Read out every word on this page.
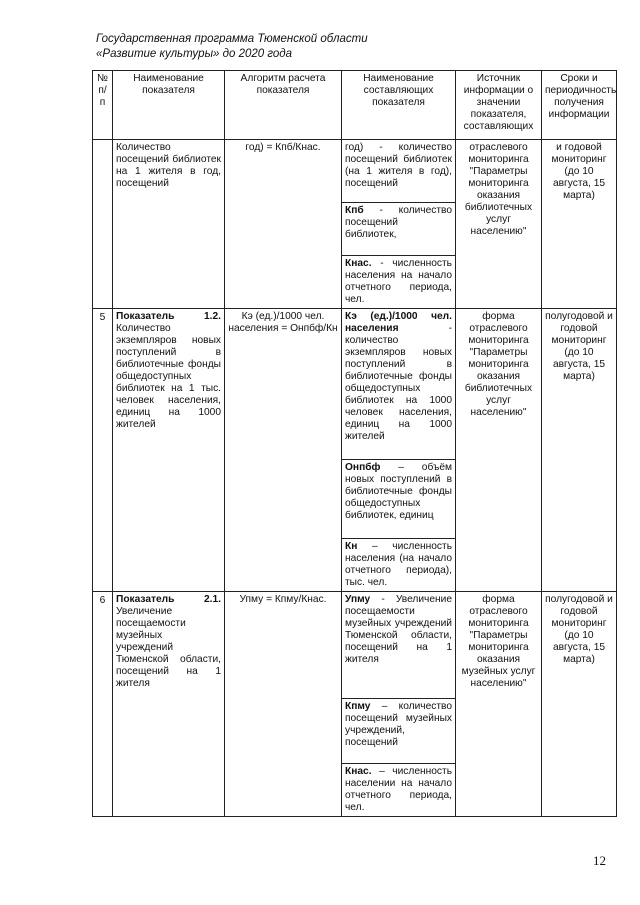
Государственная программа Тюменской области
«Развитие культуры» до 2020 года
№ п/п	Наименование показателя	Алгоритм расчета показателя	Наименование составляющих показателя	Источник информации о значении показателя, составляющих	Сроки и периодичность получения информации
	Количество посещений библиотек на 1 жителя в год, посещений	год) = Кпб/Кнас.	год) - количество посещений библиотек (на 1 жителя в год), посещений	отраслевого мониторинга "Параметры мониторинга оказания библиотечных услуг населению"	и годовой мониторинг (до 10 августа, 15 марта)
			Кпб - количество посещений библиотек,		
			Кнас. - численность населения на начало отчетного периода, чел.		
5	Показатель 1.2. Количество экземпляров новых поступлений в библиотечные фонды общедоступных библиотек на 1 тыс. человек населения, единиц на 1000 жителей	Кэ (ед.)/1000 чел. населения = Онпбф/Кн	Кэ (ед.)/1000 чел. населения - количество экземпляров новых поступлений в библиотечные фонды общедоступных библиотек на 1000 человек населения, единиц на 1000 жителей	форма отраслевого мониторинга "Параметры мониторинга оказания библиотечных услуг населению"	полугодовой и годовой мониторинг (до 10 августа, 15 марта)
			Онпбф – объём новых поступлений в библиотечные фонды общедоступных библиотек, единиц		
			Кн – численность населения (на начало отчетного периода), тыс. чел.		
6	Показатель 2.1. Увеличение посещаемости музейных учреждений Тюменской области, посещений на 1 жителя	Упму = Кпму/Кнас.	Упму - Увеличение посещаемости музейных учреждений Тюменской области, посещений на 1 жителя	форма отраслевого мониторинга "Параметры мониторинга оказания музейных услуг населению"	полугодовой и годовой мониторинг (до 10 августа, 15 марта)
			Кпму – количество посещений музейных учреждений, посещений		
			Кнас. – численность населении на начало отчетного периода, чел.		
12
